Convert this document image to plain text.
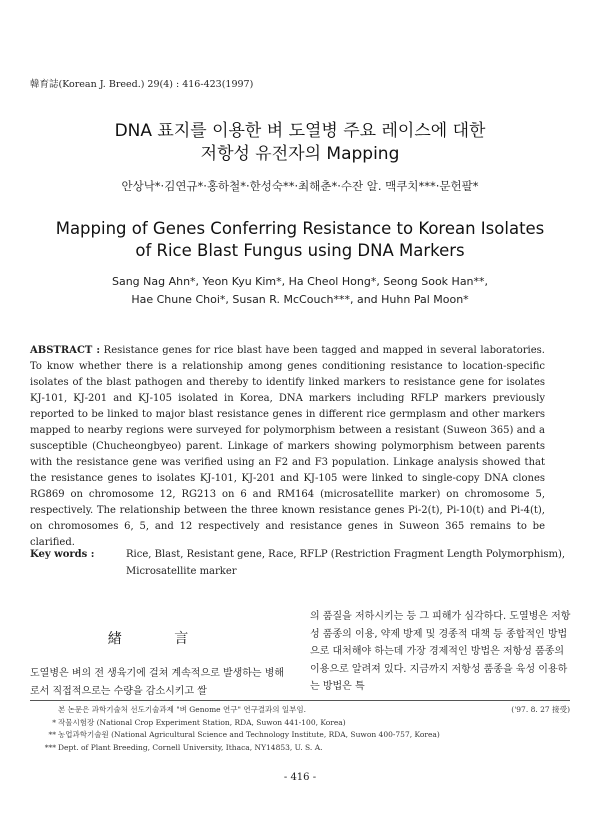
韓育誌(Korean J. Breed.) 29(4) : 416-423(1997)
DNA 표지를 이용한 벼 도열병 주요 레이스에 대한
저항성 유전자의 Mapping
안상낙*·김연규*·홍하철*·한성숙**·최해춘*·수잔 알. 맥쿠치***·문헌팔*
Mapping of Genes Conferring Resistance to Korean Isolates
of Rice Blast Fungus using DNA Markers
Sang Nag Ahn*, Yeon Kyu Kim*, Ha Cheol Hong*, Seong Sook Han**,
Hae Chune Choi*, Susan R. McCouch***, and Huhn Pal Moon*
ABSTRACT : Resistance genes for rice blast have been tagged and mapped in several laboratories. To know whether there is a relationship among genes conditioning resistance to location-specific isolates of the blast pathogen and thereby to identify linked markers to resistance gene for isolates KJ-101, KJ-201 and KJ-105 isolated in Korea, DNA markers including RFLP markers previously reported to be linked to major blast resistance genes in different rice germplasm and other markers mapped to nearby regions were surveyed for polymorphism between a resistant (Suweon 365) and a susceptible (Chucheongbyeo) parent. Linkage of markers showing polymorphism between parents with the resistance gene was verified using an F2 and F3 population. Linkage analysis showed that the resistance genes to isolates KJ-101, KJ-201 and KJ-105 were linked to single-copy DNA clones RG869 on chromosome 12, RG213 on 6 and RM164 (microsatellite marker) on chromosome 5, respectively. The relationship between the three known resistance genes Pi-2(t), Pi-10(t) and Pi-4(t), on chromosomes 6, 5, and 12 respectively and resistance genes in Suweon 365 remains to be clarified.
Key words :	Rice, Blast, Resistant gene, Race, RFLP (Restriction Fragment Length Polymorphism), Microsatellite marker
緖 言
도열병은 벼의 전 생육기에 걸쳐 계속적으로 발생하는 병해로서 직접적으로는 수량을 감소시키고 쌀
의 품질을 저하시키는 등 그 피해가 심각하다. 도열병은 저항성 품종의 이용, 약제 방제 및 경종적 대책 등 종합적인 방법으로 대처해야 하는데 가장 경제적인 방법은 저항성 품종의 이용으로 알려져 있다. 지금까지 저항성 품종을 육성 이용하는 방법은 특
('97. 8. 27 接受)
본 논문은 과학기술처 선도기술과제 "벼 Genome 연구" 연구결과의 일부임.
* 작물시험장 (National Crop Experiment Station, RDA, Suwon 441-100, Korea)
** 농업과학기술원 (National Agricultural Science and Technology Institute, RDA, Suwon 400-757, Korea)
*** Dept. of Plant Breeding, Cornell University, Ithaca, NY14853, U. S. A.
- 416 -
